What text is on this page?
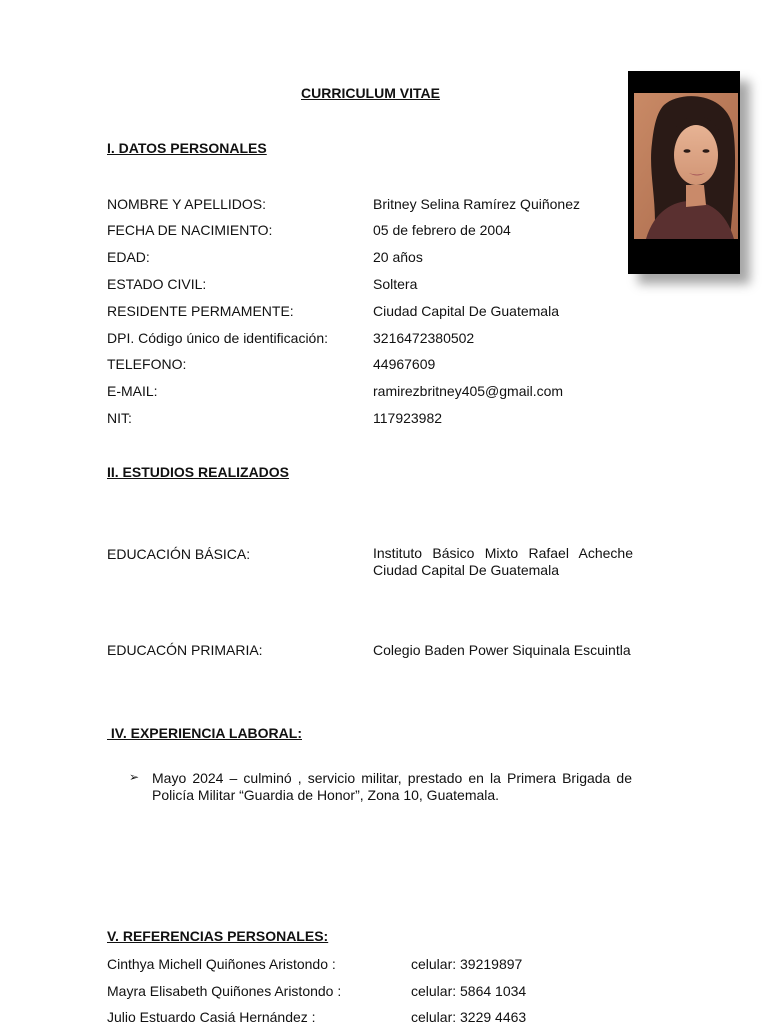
CURRICULUM VITAE
I. DATOS PERSONALES
NOMBRE Y APELLIDOS:	Britney Selina Ramírez Quiñonez
FECHA DE NACIMIENTO:	05 de febrero de 2004
EDAD:	20 años
ESTADO CIVIL:	Soltera
RESIDENTE PERMAMENTE:	Ciudad Capital De Guatemala
DPI. Código único de identificación:	3216472380502
TELEFONO:	44967609
E-MAIL:	ramirezbritney405@gmail.com
NIT:	117923982
II. ESTUDIOS REALIZADOS
EDUCACIÓN BÁSICA:	Instituto Básico Mixto Rafael Acheche Ciudad Capital De Guatemala
EDUCACÓN PRIMARIA:	Colegio Baden Power Siquinala Escuintla
IV. EXPERIENCIA LABORAL:
➢ Mayo 2024 – culminó , servicio militar, prestado en la Primera Brigada de Policía Militar “Guardia de Honor”, Zona 10, Guatemala.
V. REFERENCIAS PERSONALES:
Cinthya Michell Quiñones Aristondo :	celular: 39219897
Mayra Elisabeth Quiñones Aristondo :	celular: 5864 1034
Julio Estuardo Casiá Hernández :	celular: 3229 4463
